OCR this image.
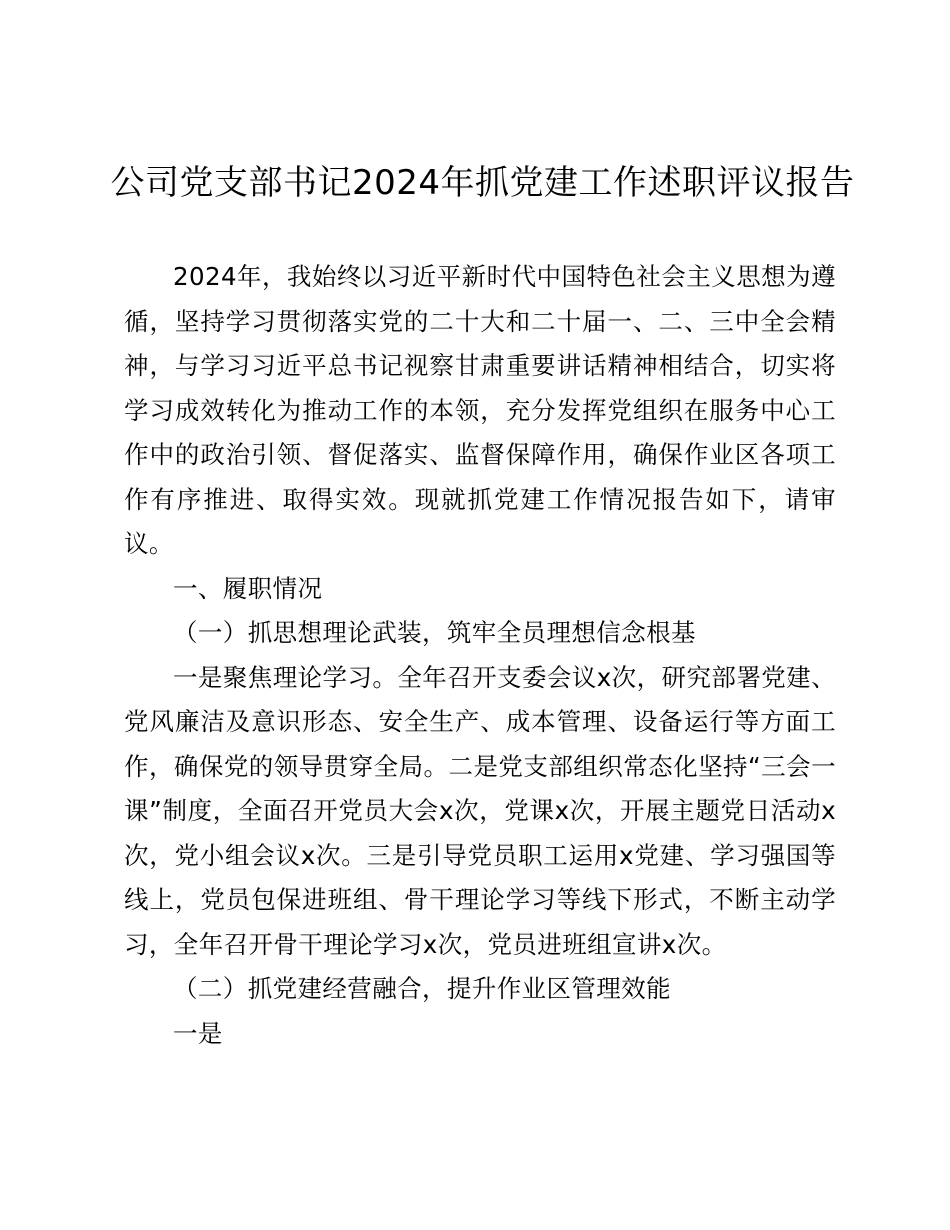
公司党支部书记2024年抓党建工作述职评议报告

2024年，我始终以习近平新时代中国特色社会主义思想为遵循，坚持学习贯彻落实党的二十大和二十届一、二、三中全会精神，与学习习近平总书记视察甘肃重要讲话精神相结合，切实将学习成效转化为推动工作的本领，充分发挥党组织在服务中心工作中的政治引领、督促落实、监督保障作用，确保作业区各项工作有序推进、取得实效。现就抓党建工作情况报告如下，请审议。

一、履职情况

（一）抓思想理论武装，筑牢全员理想信念根基

一是聚焦理论学习。全年召开支委会议x次，研究部署党建、党风廉洁及意识形态、安全生产、成本管理、设备运行等方面工作，确保党的领导贯穿全局。二是党支部组织常态化坚持“三会一课”制度，全面召开党员大会x次，党课x次，开展主题党日活动x次，党小组会议x次。三是引导党员职工运用x党建、学习强国等线上，党员包保进班组、骨干理论学习等线下形式，不断主动学习，全年召开骨干理论学习x次，党员进班组宣讲x次。

（二）抓党建经营融合，提升作业区管理效能

一是
